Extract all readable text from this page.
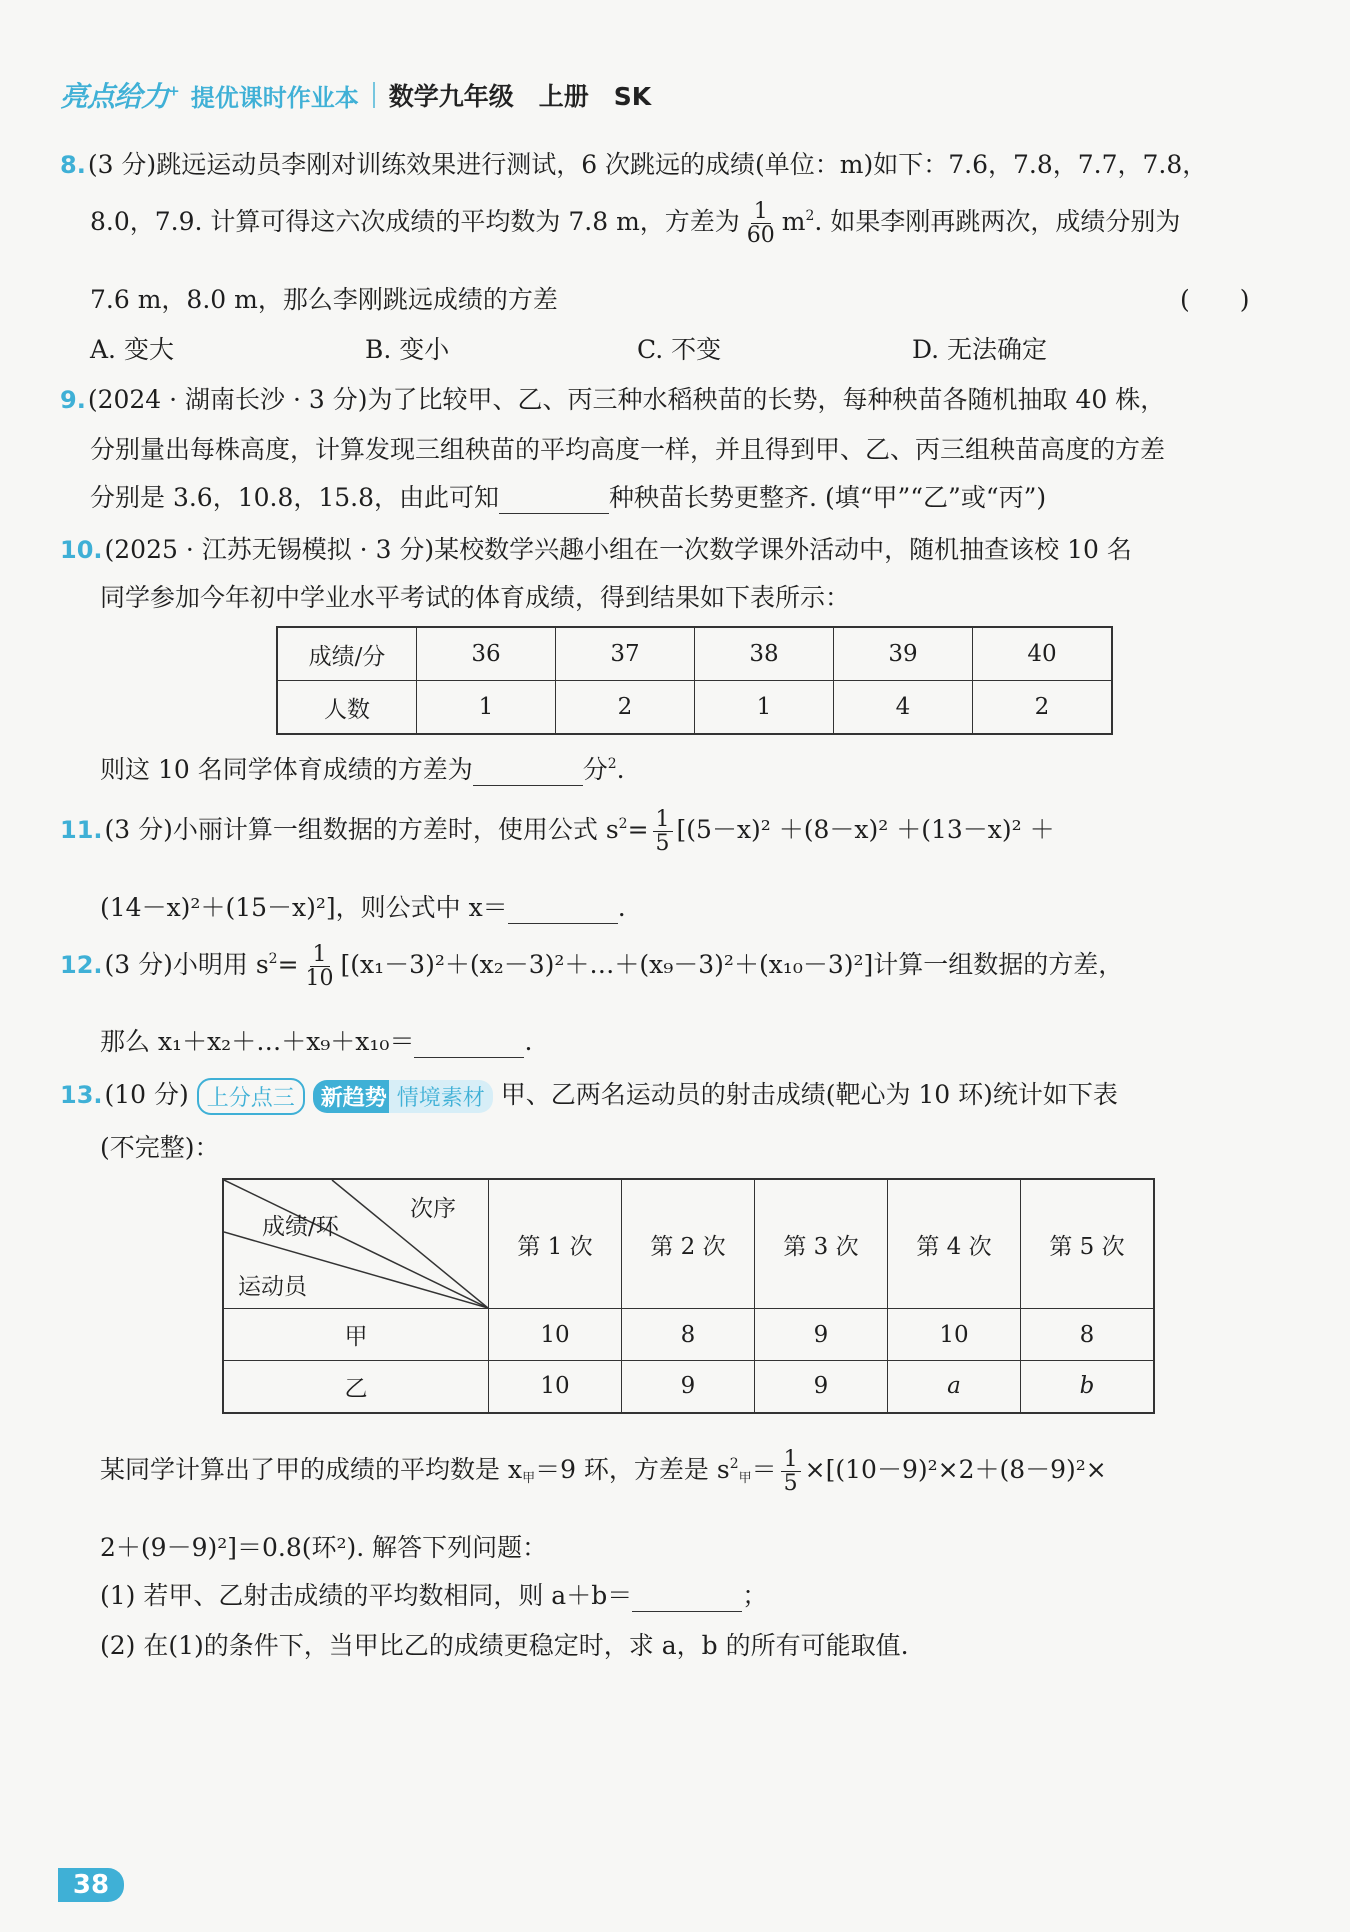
亮点给力+ 提优课时作业本 数学九年级　上册　SK
8.(3 分)跳远运动员李刚对训练效果进行测试，6 次跳远的成绩(单位：m)如下：7.6，7.8，7.7，7.8，
8.0，7.9. 计算可得这六次成绩的平均数为 7.8 m，方差为 $\frac{1}{60} m^2$. 如果李刚再跳两次，成绩分别为
7.6 m，8.0 m，那么李刚跳远成绩的方差	(　　)
A. 变大	B. 变小	C. 不变	D. 无法确定
9.(2024 · 湖南长沙 · 3 分)为了比较甲、乙、丙三种水稻秧苗的长势，每种秧苗各随机抽取 40 株，
分别量出每株高度，计算发现三组秧苗的平均高度一样，并且得到甲、乙、丙三组秧苗高度的方差
分别是 3.6，10.8，15.8，由此可知	种秧苗长势更整齐. (填“甲”“乙”或“丙”)
10.(2025 · 江苏无锡模拟 · 3 分)某校数学兴趣小组在一次数学课外活动中，随机抽查该校 10 名
同学参加今年初中学业水平考试的体育成绩，得到结果如下表所示：
成绩/分	36	37	38	39	40
人数	1	2	1	4	2
则这 10 名同学体育成绩的方差为	分$^2$.
11.(3 分)小丽计算一组数据的方差时，使用公式 $s^2= \frac{1}{5} [(5-x)^2 +(8-x)^2 +(13-x)^2$ ＋
(14－x)²＋(15－x)²]，则公式中 x＝	.
12.(3 分)小明用 $s^2= \frac{1}{10}$ [(x₁－3)²＋(x₂－3)²＋…＋(x₉－3)²＋(x₁₀－3)²]计算一组数据的方差，
那么 x₁＋x₂＋…＋x₉＋x₁₀＝	.
13.(10 分) 上分点三 新趋势 情境素材 甲、乙两名运动员的射击成绩(靶心为 10 环)统计如下表
(不完整)：
次序
成绩/环
运动员	第 1 次	第 2 次	第 3 次	第 4 次	第 5 次
甲	10	8	9	10	8
乙	10	9	9	a	b
某同学计算出了甲的成绩的平均数是 $x_甲=9$ 环，方差是 $s^2_甲= \frac{1}{5} \times[(10-9)^2\times 2+(8-9)^2\times$
2＋(9－9)²]＝0.8(环²). 解答下列问题：
(1) 若甲、乙射击成绩的平均数相同，则 a＋b＝	；
(2) 在(1)的条件下，当甲比乙的成绩更稳定时，求 a，b 的所有可能取值.
38
